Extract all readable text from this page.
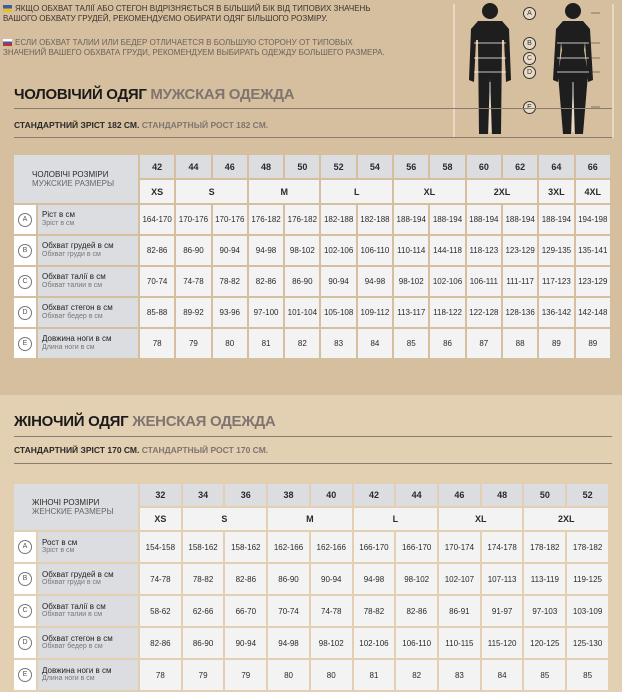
ЯКЩО ОБХВАТ ТАЛІЇ АБО СТЕГОН ВІДРІЗНЯЄТЬСЯ В БІЛЬШИЙ БІК ВІД ТИПОВИХ ЗНАЧЕНЬ ВАШОГО ОБХВАТУ ГРУДЕЙ, РЕКОМЕНДУЄМО ОБИРАТИ ОДЯГ БІЛЬШОГО РОЗМІРУ.
ЕСЛИ ОБХВАТ ТАЛИИ ИЛИ БЕДЕР ОТЛИЧАЕТСЯ В БОЛЬШУЮ СТОРОНУ ОТ ТИПОВЫХ ЗНАЧЕНИЙ ВАШЕГО ОБХВАТА ГРУДИ, РЕКОМЕНДУЕМ ВЫБИРАТЬ ОДЕЖДУ БОЛЬШЕГО РАЗМЕРА.
A
B
C
D
ЧОЛОВІЧИЙ ОДЯГ МУЖСКАЯ ОДЕЖДА
СТАНДАРТНИЙ ЗРІСТ 182 СМ. СТАНДАРТНЫЙ РОСТ 182 СМ.
ЧОЛОВІЧІ РОЗМІРИ
МУЖСКИЕ РАЗМЕРЫ		42	44	46	48	50	52	54	56	58	60	62	64	66
		XS	S		M		L		XL		2XL		3XL	4XL
A	Ріст в см
Зріст в см	164-170	170-176	170-176	176-182	176-182	182-188	182-188	188-194	188-194	188-194	188-194	188-194	194-198
B	Обхват грудей в см
Обхват груди в см	82-86	86-90	90-94	94-98	98-102	102-106	106-110	110-114	144-118	118-123	123-129	129-135	135-141
C	Обхват талії в см
Обхват талии в см	70-74	74-78	78-82	82-86	86-90	90-94	94-98	98-102	102-106	106-111	111-117	117-123	123-129
D	Обхват стегон в см
Обхват бедер в см	85-88	89-92	93-96	97-100	101-104	105-108	109-112	113-117	118-122	122-128	128-136	136-142	142-148
E	Довжина ноги в см
Длина ноги в см	78	79	80	81	82	83	84	85	86	87	88	89	89
ЖІНОЧИЙ ОДЯГ ЖЕНСКАЯ ОДЕЖДА
СТАНДАРТНИЙ ЗРІСТ 170 СМ. СТАНДАРТНЫЙ РОСТ 170 СМ.
ЖІНОЧІ РОЗМІРИ
ЖЕНСКИЕ РАЗМЕРЫ		32	34	36	38	40	42	44	46	48	50	52
		XS	S		M		L		XL		2XL	
A	Рост в см
Зріст в см	154-158	158-162	158-162	162-166	162-166	166-170	166-170	170-174	174-178	178-182	178-182
B	Обхват грудей в см
Обхват груди в см	74-78	78-82	82-86	86-90	90-94	94-98	98-102	102-107	107-113	113-119	119-125
C	Обхват талії в см
Обхват талии в см	58-62	62-66	66-70	70-74	74-78	78-82	82-86	86-91	91-97	97-103	103-109
D	Обхват стегон в см
Обхват бедер в см	82-86	86-90	90-94	94-98	98-102	102-106	106-110	110-115	115-120	120-125	125-130
E	Довжина ноги в см
Длина ноги в см	78	79	79	80	80	81	82	83	84	85	85
